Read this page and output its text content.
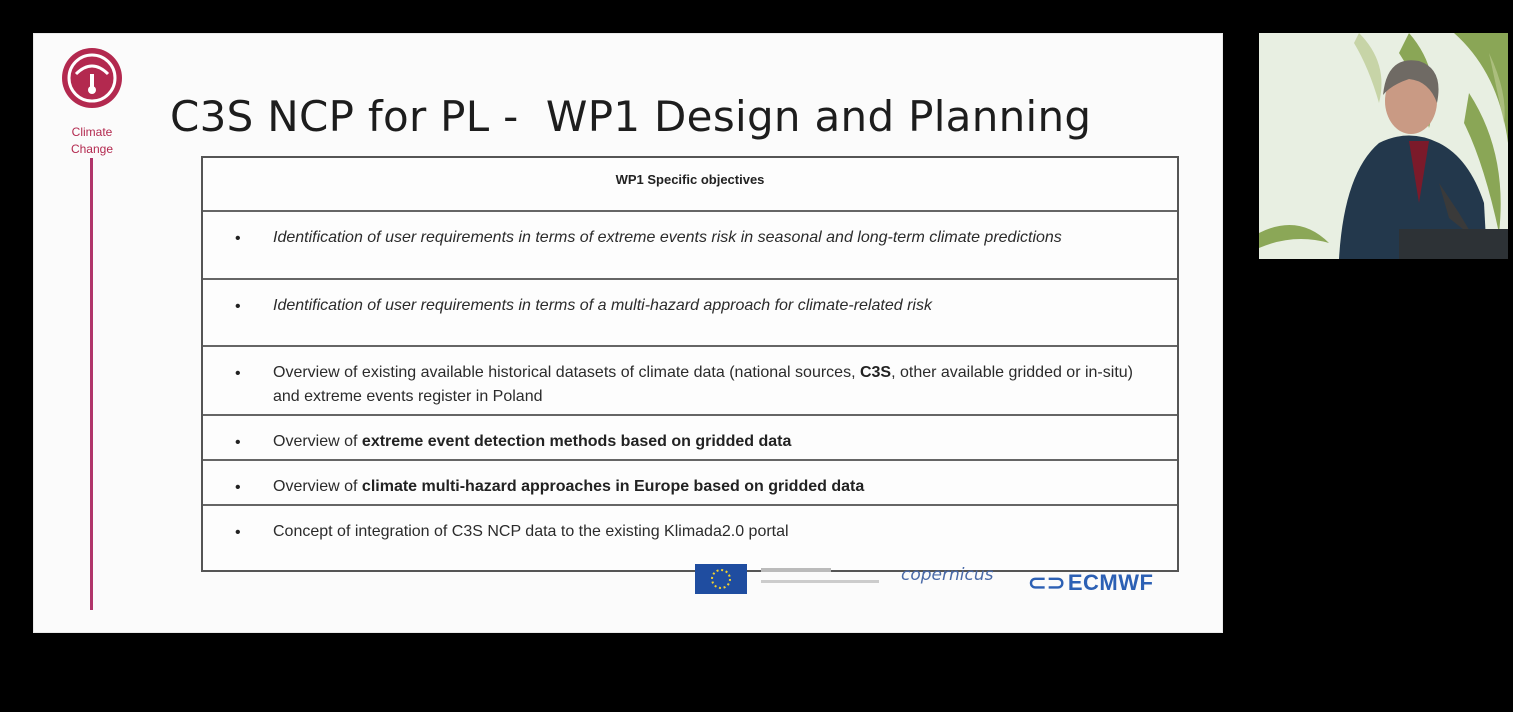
Climate
Change
C3S NCP for PL -  WP1 Design and Planning
WP1 Specific objectives
• Identification of user requirements in terms of extreme events risk in seasonal and long-term climate predictions
• Identification of user requirements in terms of a multi-hazard approach for climate-related risk
• Overview of existing available historical datasets of climate data (national sources, C3S, other available gridded or in-situ) and extreme events register in Poland
• Overview of extreme event detection methods based on gridded data
• Overview of climate multi-hazard approaches in Europe based on gridded data
• Concept of integration of C3S NCP data to the existing Klimada2.0 portal
copernicus ⊂⊃ECMWF
